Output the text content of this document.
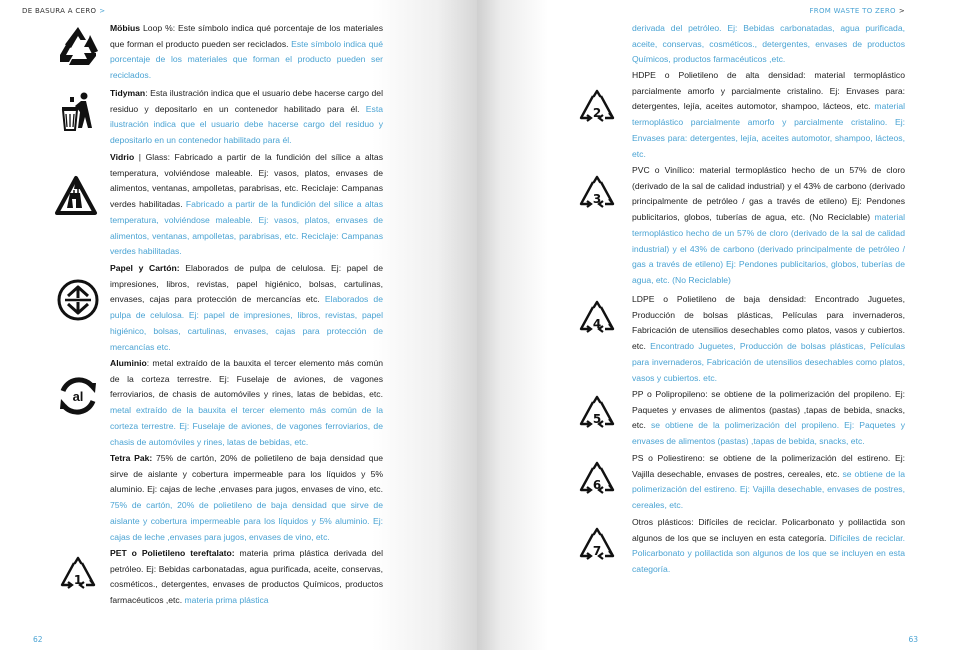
DE BASURA A CERO >
Möbius Loop %: Este símbolo indica qué porcentaje de los materiales que forman el producto pueden ser reciclados. Este símbolo indica qué porcentaje de los materiales que forman el producto pueden ser reciclados.
Tidyman: Esta ilustración indica que el usuario debe hacerse cargo del residuo y depositarlo en un contenedor habilitado para él. Esta ilustración indica que el usuario debe hacerse cargo del residuo y depositarlo en un contenedor habilitado para él.
Vidrio | Glass: Fabricado a partir de la fundición del sílice a altas temperatura, volviéndose maleable. Ej: vasos, platos, envases de alimentos, ventanas, ampolletas, parabrisas, etc. Reciclaje: Campanas verdes habilitadas. Fabricado a partir de la fundición del sílice a altas temperatura, volviéndose maleable. Ej: vasos, platos, envases de alimentos, ventanas, ampolletas, parabrisas, etc. Reciclaje: Campanas verdes habilitadas.
Papel y Cartón: Elaborados de pulpa de celulosa. Ej: papel de impresiones, libros, revistas, papel higiénico, bolsas, cartulinas, envases, cajas para protección de mercancías etc. Elaborados de pulpa de celulosa. Ej: papel de impresiones, libros, revistas, papel higiénico, bolsas, cartulinas, envases, cajas para protección de mercancías etc.
al
Aluminio: metal extraído de la bauxita el tercer elemento más común de la corteza terrestre. Ej: Fuselaje de aviones, de vagones ferroviarios, de chasis de automóviles y rines, latas de bebidas, etc. metal extraído de la bauxita el tercer elemento más común de la corteza terrestre. Ej: Fuselaje de aviones, de vagones ferroviarios, de chasis de automóviles y rines, latas de bebidas, etc.
Tetra Pak: 75% de cartón, 20% de polietileno de baja densidad que sirve de aislante y cobertura impermeable para los líquidos y 5% aluminio. Ej: cajas de leche ,envases para jugos, envases de vino, etc. 75% de cartón, 20% de polietileno de baja densidad que sirve de aislante y cobertura impermeable para los líquidos y 5% aluminio. Ej: cajas de leche ,envases para jugos, envases de vino, etc.
1
PET o Polietileno tereftalato: materia prima plástica derivada del petróleo. Ej: Bebidas carbonatadas, agua purificada, aceite, conservas, cosméticos., detergentes, envases de productos Químicos, productos farmacéuticos ,etc. materia prima plástica
62
FROM WASTE TO ZERO >
derivada del petróleo. Ej: Bebidas carbonatadas, agua purificada, aceite, conservas, cosméticos., detergentes, envases de productos Químicos, productos farmacéuticos ,etc.
2
HDPE o Polietileno de alta densidad: material termoplástico parcialmente amorfo y parcialmente cristalino. Ej: Envases para: detergentes, lejía, aceites automotor, shampoo, lácteos, etc. material termoplástico parcialmente amorfo y parcialmente cristalino. Ej: Envases para: detergentes, lejía, aceites automotor, shampoo, lácteos, etc.
3
PVC o Vinílico: material termoplástico hecho de un 57% de cloro (derivado de la sal de calidad industrial) y el 43% de carbono (derivado principalmente de petróleo / gas a través de etileno) Ej: Pendones publicitarios, globos, tuberías de agua, etc. (No Reciclable) material termoplástico hecho de un 57% de cloro (derivado de la sal de calidad industrial) y el 43% de carbono (derivado principalmente de petróleo / gas a través de etileno) Ej: Pendones publicitarios, globos, tuberías de agua, etc. (No Reciclable)
4
LDPE o Polietileno de baja densidad: Encontrado Juguetes, Producción de bolsas plásticas, Películas para invernaderos, Fabricación de utensilios desechables como platos, vasos y cubiertos. etc. Encontrado Juguetes, Producción de bolsas plásticas, Películas para invernaderos, Fabricación de utensilios desechables como platos, vasos y cubiertos. etc.
5
PP o Polipropileno: se obtiene de la polimerización del propileno. Ej: Paquetes y envases de alimentos (pastas) ,tapas de bebida, snacks, etc. se obtiene de la polimerización del propileno. Ej: Paquetes y envases de alimentos (pastas) ,tapas de bebida, snacks, etc.
6
PS o Poliestireno: se obtiene de la polimerización del estireno. Ej: Vajilla desechable, envases de postres, cereales, etc. se obtiene de la polimerización del estireno. Ej: Vajilla desechable, envases de postres, cereales, etc.
7
Otros plásticos: Difíciles de reciclar. Policarbonato y polilactida son algunos de los que se incluyen en esta categoría. Difíciles de reciclar. Policarbonato y polilactida son algunos de los que se incluyen en esta categoría.
63
